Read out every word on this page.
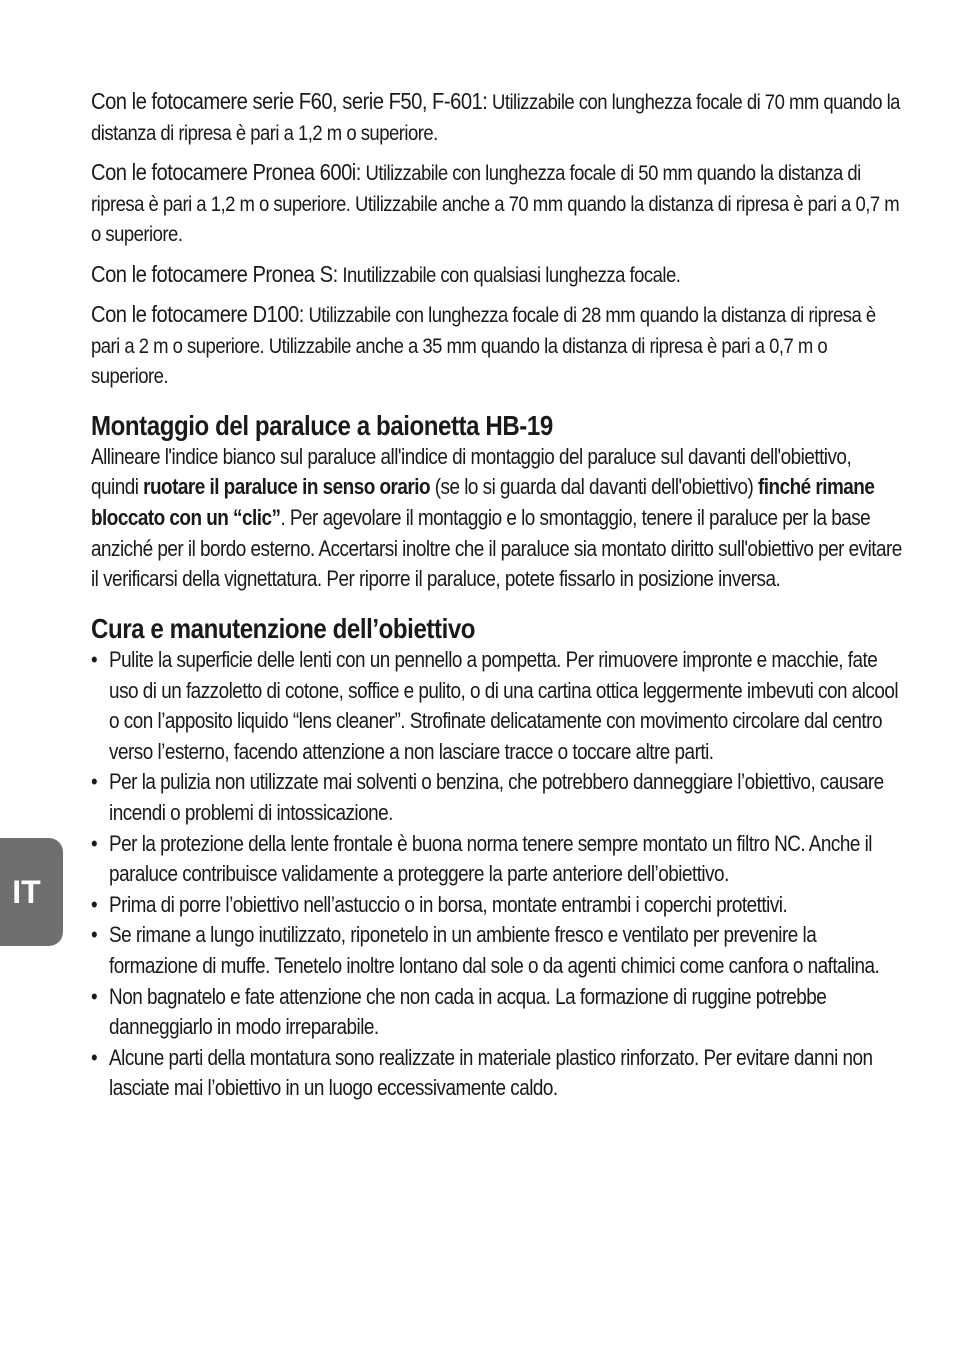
IT

Con le fotocamere serie F60, serie F50, F-601: Utilizzabile con lunghezza focale di 70 mm quando la distanza di ripresa è pari a 1,2 m o superiore.

Con le fotocamere Pronea 600i: Utilizzabile con lunghezza focale di 50 mm quando la distanza di ripresa è pari a 1,2 m o superiore. Utilizzabile anche a 70 mm quando la distanza di ripresa è pari a 0,7 m o superiore.

Con le fotocamere Pronea S: Inutilizzabile con qualsiasi lunghezza focale.

Con le fotocamere D100: Utilizzabile con lunghezza focale di 28 mm quando la distanza di ripresa è pari a 2 m o superiore. Utilizzabile anche a 35 mm quando la distanza di ripresa è pari a 0,7 m o superiore.

Montaggio del paraluce a baionetta HB-19

Allineare l'indice bianco sul paraluce all'indice di montaggio del paraluce sul davanti dell'obiettivo, quindi ruotare il paraluce in senso orario (se lo si guarda dal davanti dell'obiettivo) finché rimane bloccato con un “clic”. Per agevolare il montaggio e lo smontaggio, tenere il paraluce per la base anziché per il bordo esterno. Accertarsi inoltre che il paraluce sia montato diritto sull'obiettivo per evitare il verificarsi della vignettatura. Per riporre il paraluce, potete fissarlo in posizione inversa.

Cura e manutenzione dell’obiettivo
• Pulite la superficie delle lenti con un pennello a pompetta. Per rimuovere impronte e macchie, fate uso di un fazzoletto di cotone, soffice e pulito, o di una cartina ottica leggermente imbevuti con alcool o con l’apposito liquido “lens cleaner”. Strofinate delicatamente con movimento circolare dal centro verso l’esterno, facendo attenzione a non lasciare tracce o toccare altre parti.
• Per la pulizia non utilizzate mai solventi o benzina, che potrebbero danneggiare l’obiettivo, causare incendi o problemi di intossicazione.
• Per la protezione della lente frontale è buona norma tenere sempre montato un filtro NC. Anche il paraluce contribuisce validamente a proteggere la parte anteriore dell’obiettivo.
• Prima di porre l’obiettivo nell’astuccio o in borsa, montate entrambi i coperchi protettivi.
• Se rimane a lungo inutilizzato, riponetelo in un ambiente fresco e ventilato per prevenire la formazione di muffe. Tenetelo inoltre lontano dal sole o da agenti chimici come canfora o naftalina.
• Non bagnatelo e fate attenzione che non cada in acqua. La formazione di ruggine potrebbe danneggiarlo in modo irreparabile.
• Alcune parti della montatura sono realizzate in materiale plastico rinforzato. Per evitare danni non lasciate mai l’obiettivo in un luogo eccessivamente caldo.
